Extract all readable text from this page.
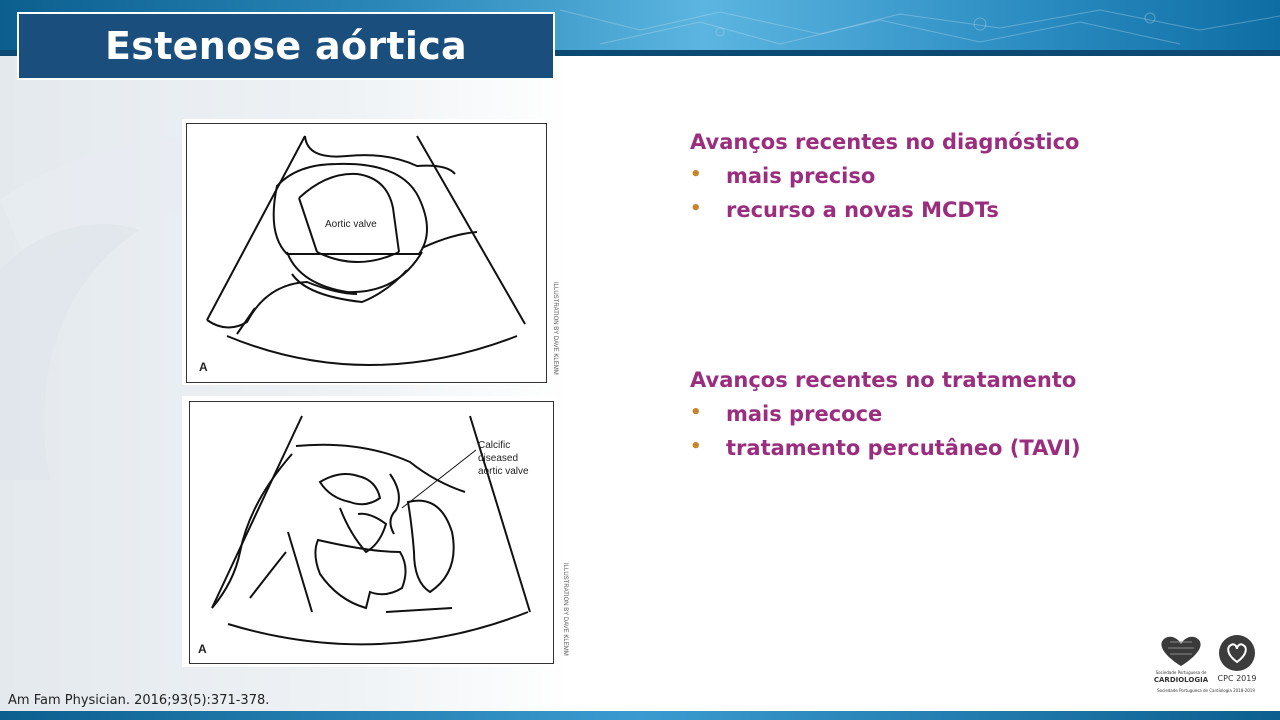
Estenose aórtica
Aortic valve
A	ILLUSTRATION BY DAVE KLEMM
Calcific
diseased
aortic valve
A	ILLUSTRATION BY DAVE KLEMM
Avanços recentes no diagnóstico
• mais preciso
• recurso a novas MCDTs
Avanços recentes no tratamento
• mais precoce
• tratamento percutâneo (TAVI)
Am Fam Physician. 2016;93(5):371-378.
Sociedade Portuguesa de
CARDIOLOGIA	CPC 2019
Sociedade Portuguesa de Cardiologia 2018-2019
